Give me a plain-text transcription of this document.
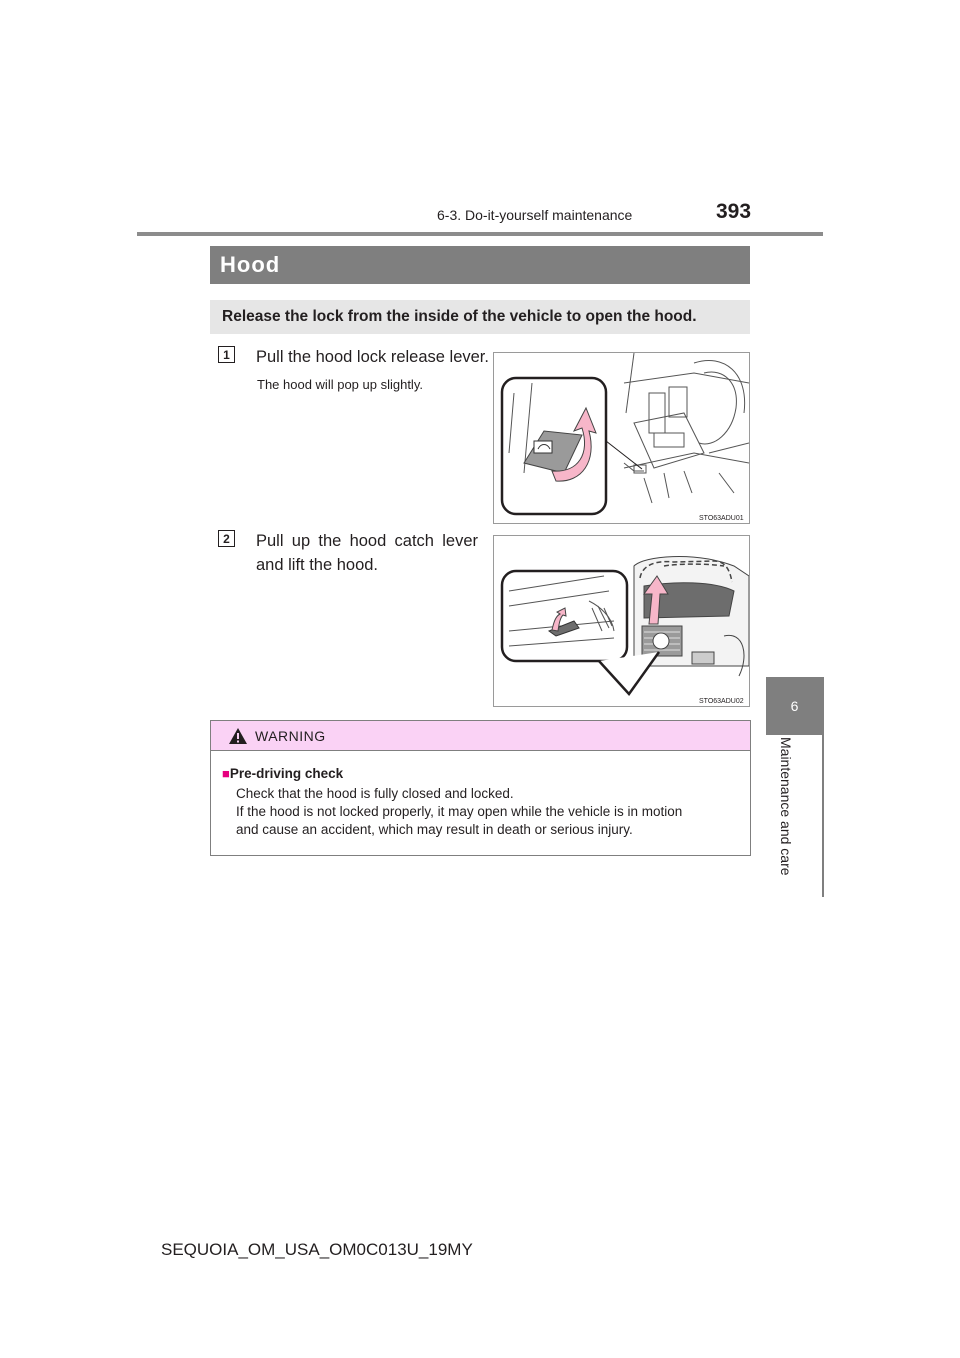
6-3. Do-it-yourself maintenance	393
6
Maintenance and care
Hood
Release the lock from the inside of the vehicle to open the hood.
1	Pull the hood lock release lever.
The hood will pop up slightly.
STO63ADU01
2	Pull up the hood catch lever
and lift the hood.
STO63ADU02
WARNING
■Pre-driving check
Check that the hood is fully closed and locked.
If the hood is not locked properly, it may open while the vehicle is in motion
and cause an accident, which may result in death or serious injury.
SEQUOIA_OM_USA_OM0C013U_19MY
